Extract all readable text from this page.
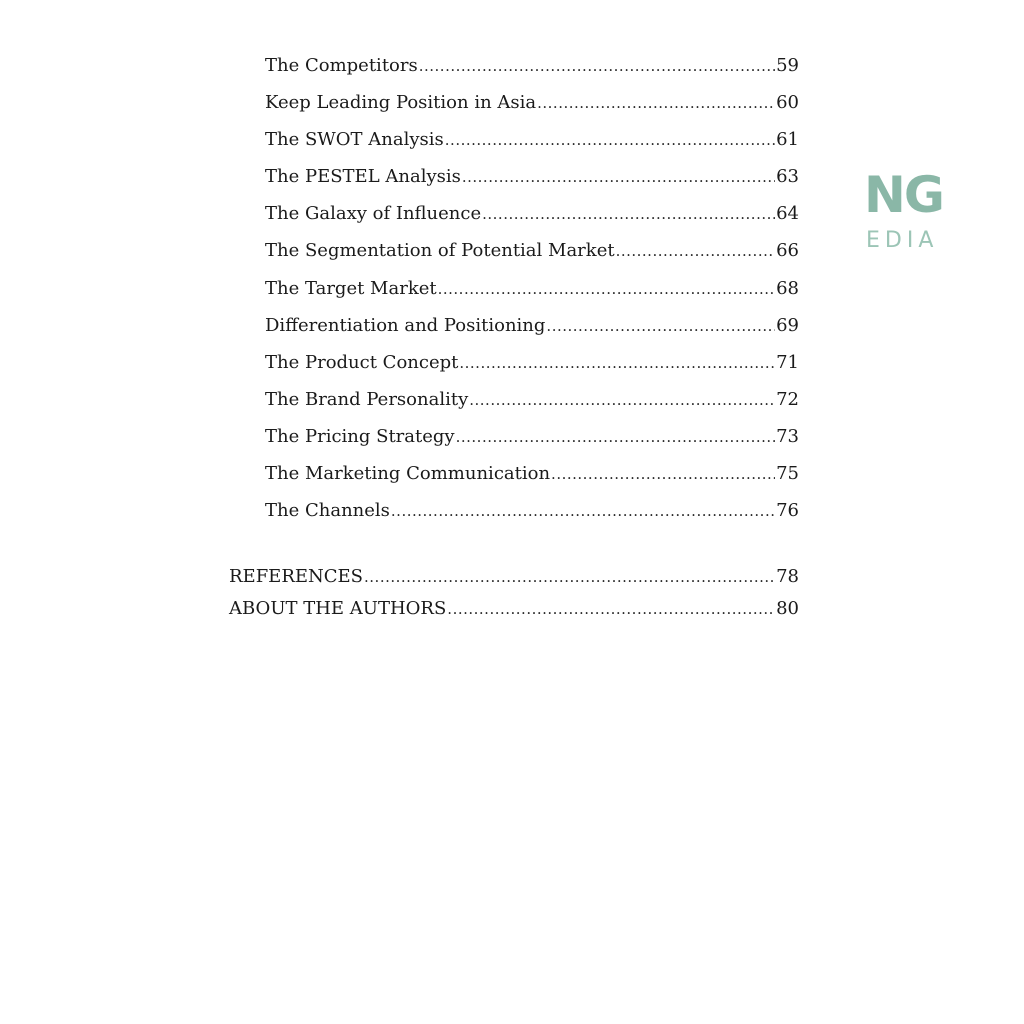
The Competitors .....	59
Keep Leading Position in Asia .....	60
The SWOT Analysis .....	61
The PESTEL Analysis .....	63
The Galaxy of Influence .....	64
The Segmentation of Potential Market .....	66
The Target Market .....	68
Differentiation and Positioning .....	69
The Product Concept .....	71
The Brand Personality .....	72
The Pricing Strategy .....	73
The Marketing Communication .....	75
The Channels .....	76
REFERENCES .....	78
ABOUT THE AUTHORS .....	80
NG
EDIA
